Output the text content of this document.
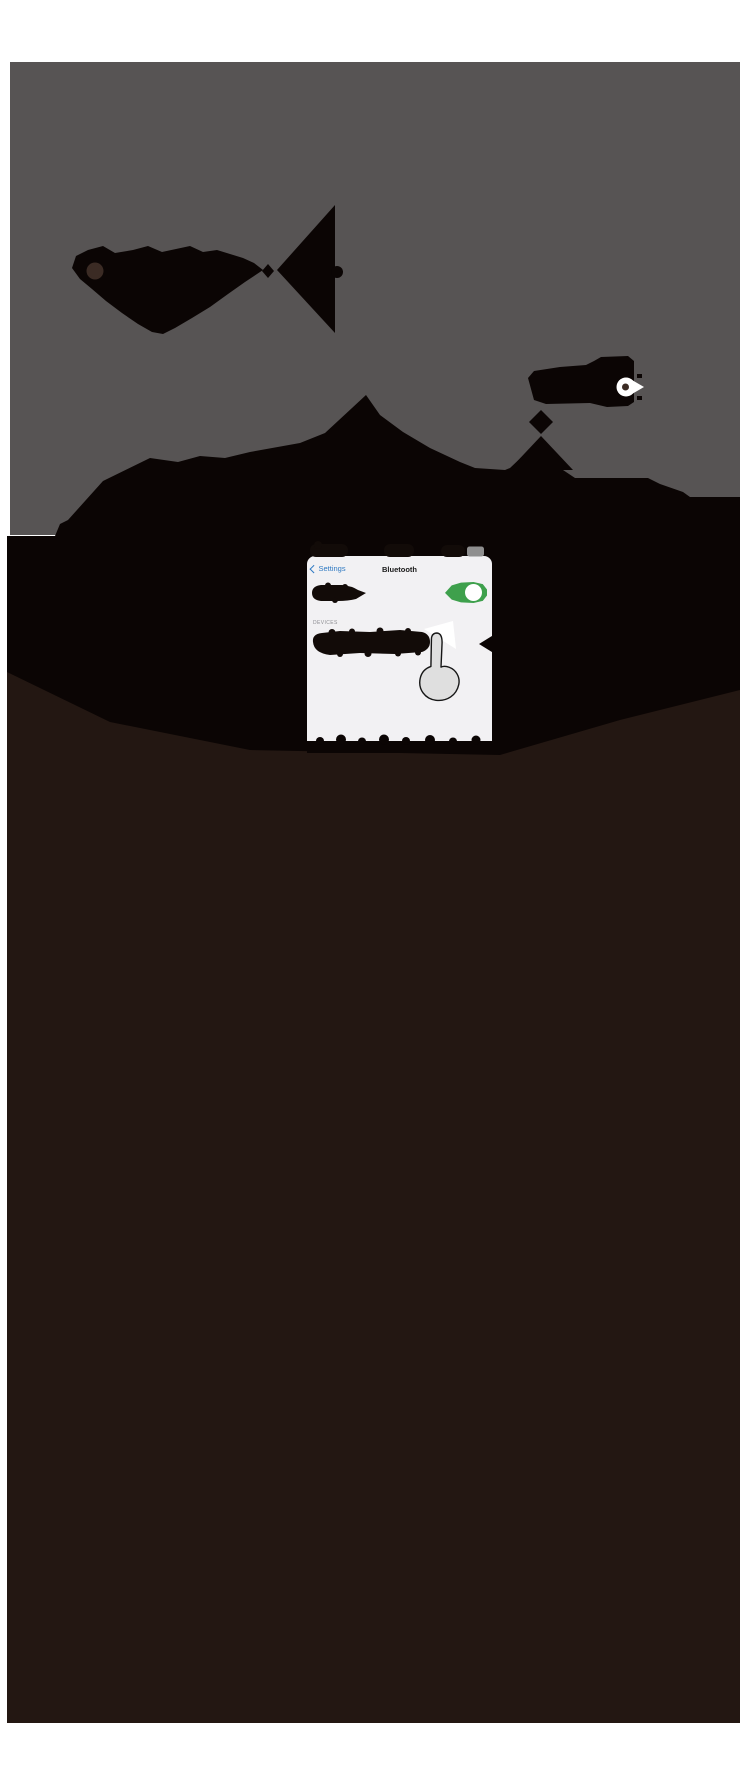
Settings	Bluetooth
DEVICES
